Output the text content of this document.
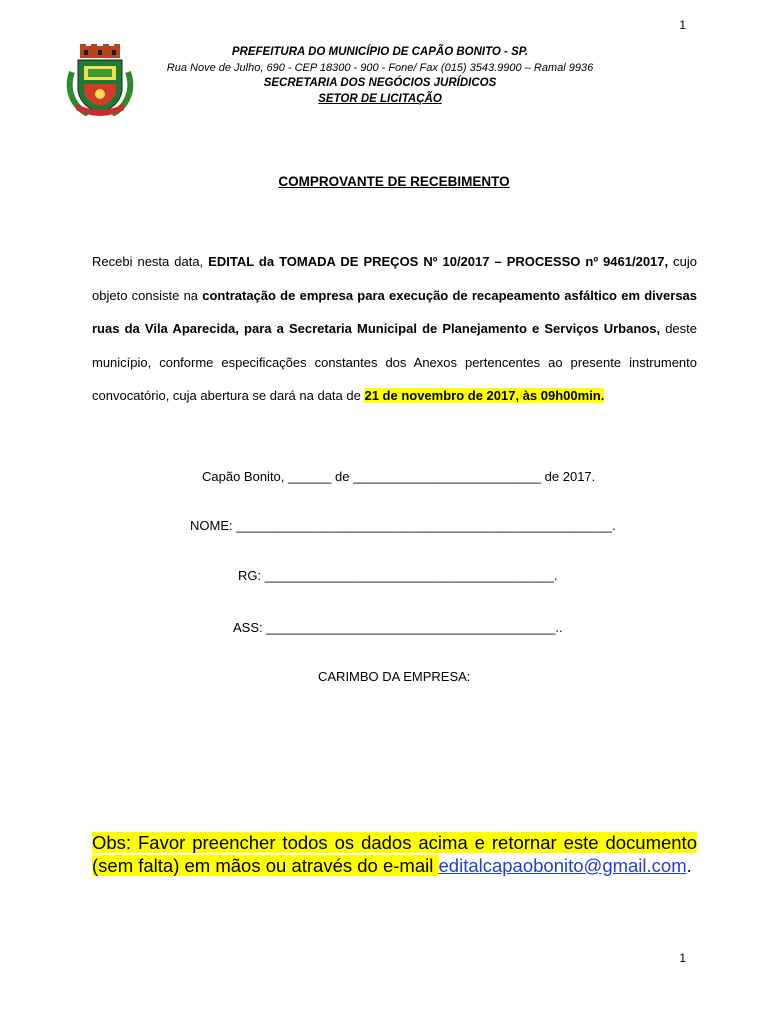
1
PREFEITURA DO MUNICÍPIO DE CAPÃO BONITO - SP.
Rua Nove de Julho, 690 - CEP 18300 - 900 - Fone/ Fax (015) 3543.9900 – Ramal 9936
SECRETARIA DOS NEGÓCIOS JURÍDICOS
SETOR DE LICITAÇÃO
COMPROVANTE DE RECEBIMENTO
Recebi nesta data, EDITAL da TOMADA DE PREÇOS Nº 10/2017 – PROCESSO nº 9461/2017, cujo objeto consiste na contratação de empresa para execução de recapeamento asfáltico em diversas ruas da Vila Aparecida, para a Secretaria Municipal de Planejamento e Serviços Urbanos, deste município, conforme especificações constantes dos Anexos pertencentes ao presente instrumento convocatório, cuja abertura se dará na data de 21 de novembro de 2017, às 09h00min.
Capão Bonito, ______ de __________________________ de 2017.
NOME: ____________________________________________________.
RG: ________________________________________.
ASS: ________________________________________..
CARIMBO DA EMPRESA:
Obs: Favor preencher todos os dados acima e retornar este documento (sem falta) em mãos ou através do e-mail editalcapaobonito@gmail.com.
1
